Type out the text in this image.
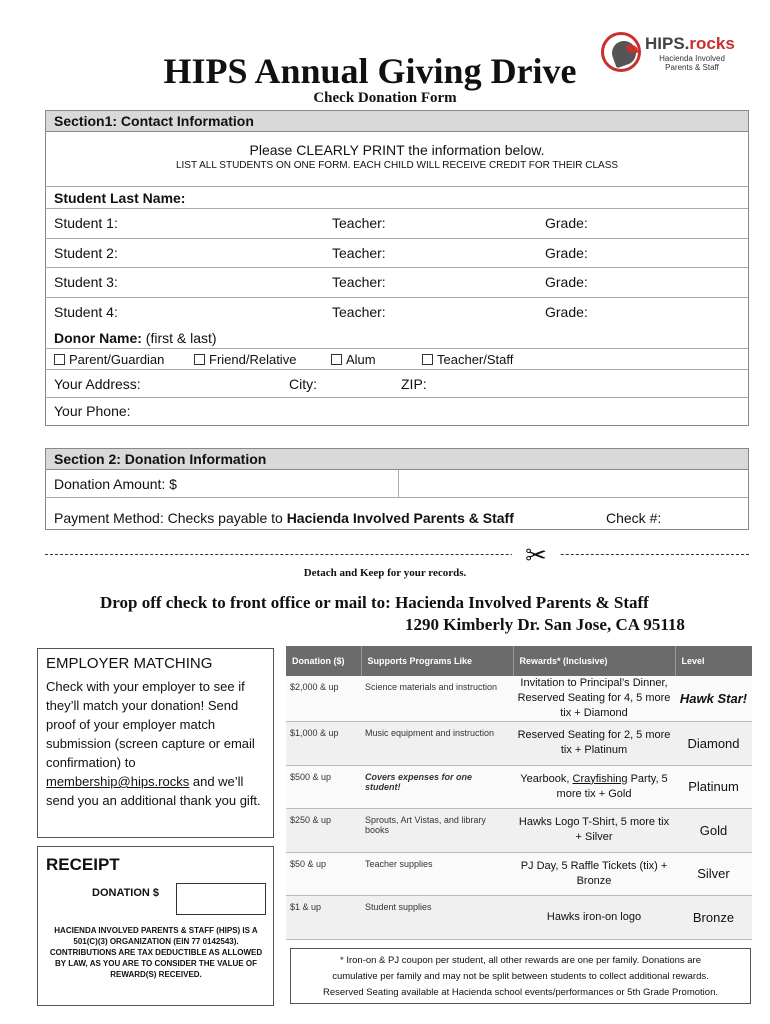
HIPS Annual Giving Drive
Check Donation Form
HIPS.rocks
Hacienda Involved
Parents & Staff
Section1: Contact Information
Please CLEARLY PRINT the information below.
LIST ALL STUDENTS ON ONE FORM. EACH CHILD WILL RECEIVE CREDIT FOR THEIR CLASS
Student Last Name:
Student 1:	Teacher:	Grade:
Student 2:	Teacher:	Grade:
Student 3:	Teacher:	Grade:
Student 4:	Teacher:	Grade:
Donor Name: (first & last)
Parent/Guardian	Friend/Relative	Alum	Teacher/Staff
Your Address:	City:	ZIP:
Your Phone:
Section 2: Donation Information
Donation Amount: $
Payment Method: Checks payable to Hacienda Involved Parents & Staff	Check #:
✂
Detach and Keep for your records.
Drop off check to front office or mail to: Hacienda Involved Parents & Staff
1290 Kimberly Dr. San Jose, CA 95118
EMPLOYER MATCHING

Check with your employer to see if they’ll match your donation! Send proof of your employer match submission (screen capture or email confirmation) to membership@hips.rocks and we’ll send you an additional thank you gift.

RECEIPT
DONATION $
HACIENDA INVOLVED PARENTS & STAFF (HIPS) IS A 501(C)(3) ORGANIZATION (EIN 77 0142543). CONTRIBUTIONS ARE TAX DEDUCTIBLE AS ALLOWED BY LAW, AS YOU ARE TO CONSIDER THE VALUE OF REWARD(S) RECEIVED.
Donation ($)	Supports Programs Like	Rewards* (Inclusive)	Level
$2,000 & up	Science materials and instruction	Invitation to Principal’s Dinner, Reserved Seating for 4, 5 more tix + Diamond	Hawk Star!
$1,000 & up	Music equipment and instruction	Reserved Seating for 2, 5 more tix + Platinum	Diamond
$500 & up	Covers expenses for one student!	Yearbook, Crayfishing Party, 5 more tix + Gold	Platinum
$250 & up	Sprouts, Art Vistas, and library books	Hawks Logo T-Shirt, 5 more tix + Silver	Gold
$50 & up	Teacher supplies	PJ Day, 5 Raffle Tickets (tix) + Bronze	Silver
$1 & up	Student supplies	Hawks iron-on logo	Bronze
* Iron-on & PJ coupon per student, all other rewards are one per family. Donations are
cumulative per family and may not be split between students to collect additional rewards.
Reserved Seating available at Hacienda school events/performances or 5th Grade Promotion.
